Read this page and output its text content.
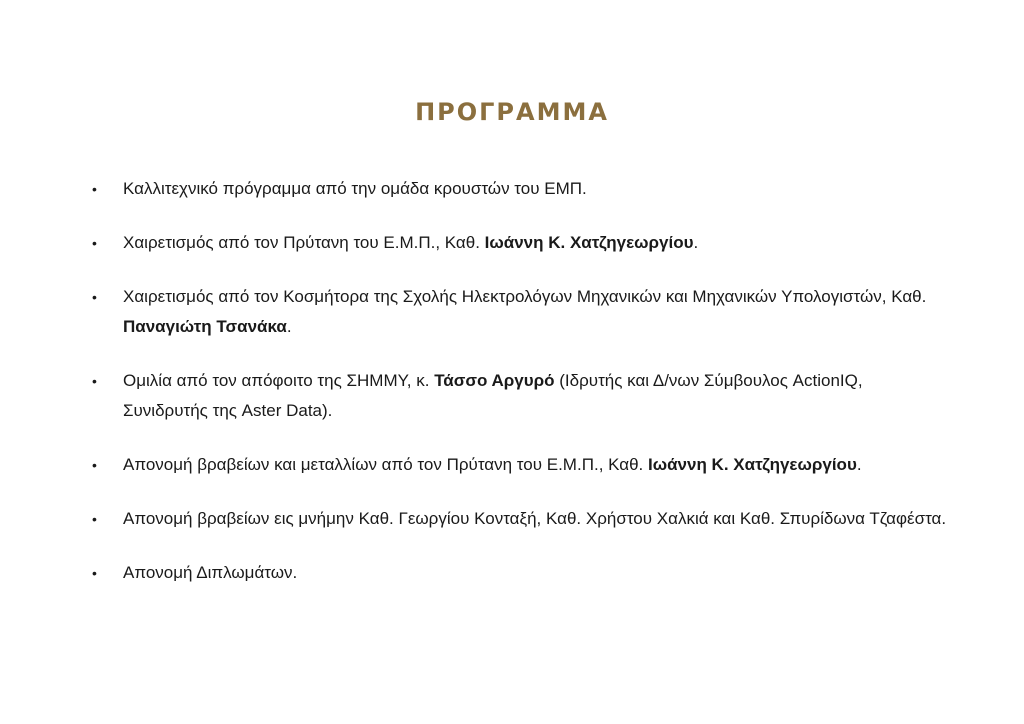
ΠΡΟΓΡΑΜΜΑ
• Καλλιτεχνικό πρόγραμμα από την ομάδα κρουστών του ΕΜΠ.
• Χαιρετισμός από τον Πρύτανη του Ε.Μ.Π., Καθ. Ιωάννη Κ. Χατζηγεωργίου.
• Χαιρετισμός από τον Κοσμήτορα της Σχολής Ηλεκτρολόγων Μηχανικών και Μηχανικών Υπολογιστών, Καθ. Παναγιώτη Τσανάκα.
• Ομιλία από τον απόφοιτο της ΣΗΜΜΥ, κ. Τάσσο Αργυρό (Ιδρυτής και Δ/νων Σύμβουλος ActionIQ, Συνιδρυτής της Aster Data).
• Απονομή βραβείων και μεταλλίων από τον Πρύτανη του Ε.Μ.Π., Καθ. Ιωάννη Κ. Χατζηγεωργίου.
• Απονομή βραβείων εις μνήμην Καθ. Γεωργίου Κονταξή, Καθ. Χρήστου Χαλκιά και Καθ. Σπυρίδωνα Τζαφέστα.
• Απονομή Διπλωμάτων.
